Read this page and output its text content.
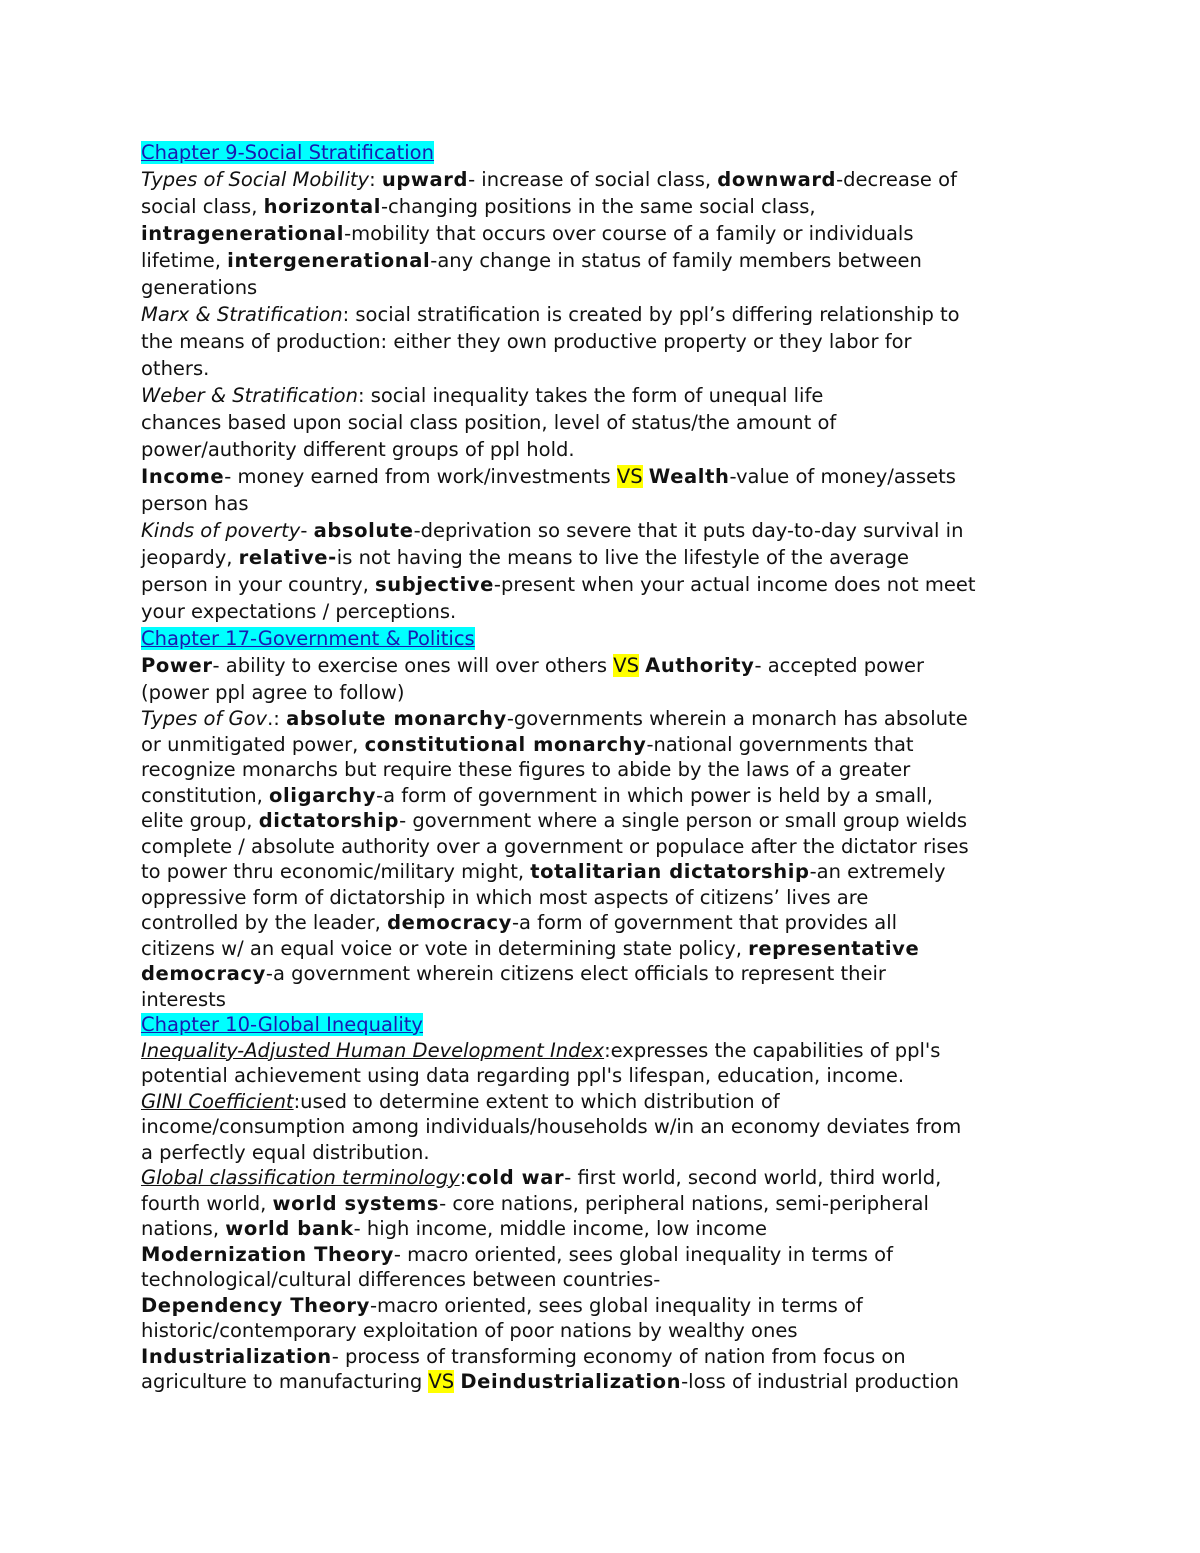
Chapter 9-Social Stratification
Types of Social Mobility: upward- increase of social class, downward-decrease of
social class, horizontal-changing positions in the same social class,
intragenerational-mobility that occurs over course of a family or individuals
lifetime, intergenerational-any change in status of family members between
generations
Marx & Stratification: social stratification is created by ppl’s differing relationship to
the means of production: either they own productive property or they labor for
others.
Weber & Stratification: social inequality takes the form of unequal life
chances based upon social class position, level of status/the amount of
power/authority different groups of ppl hold.
Income- money earned from work/investments VS Wealth-value of money/assets
person has
Kinds of poverty- absolute-deprivation so severe that it puts day-to-day survival in
jeopardy, relative-is not having the means to live the lifestyle of the average
person in your country, subjective-present when your actual income does not meet
your expectations / perceptions.
Chapter 17-Government & Politics
Power- ability to exercise ones will over others VS Authority- accepted power
(power ppl agree to follow)
Types of Gov.: absolute monarchy-governments wherein a monarch has absolute
or unmitigated power, constitutional monarchy-national governments that
recognize monarchs but require these figures to abide by the laws of a greater
constitution, oligarchy-a form of government in which power is held by a small,
elite group, dictatorship- government where a single person or small group wields
complete / absolute authority over a government or populace after the dictator rises
to power thru economic/military might, totalitarian dictatorship-an extremely
oppressive form of dictatorship in which most aspects of citizens’ lives are
controlled by the leader, democracy-a form of government that provides all
citizens w/ an equal voice or vote in determining state policy, representative
democracy-a government wherein citizens elect officials to represent their
interests
Chapter 10-Global Inequality
Inequality-Adjusted Human Development Index:expresses the capabilities of ppl's
potential achievement using data regarding ppl's lifespan, education, income.
GINI Coefficient:used to determine extent to which distribution of
income/consumption among individuals/households w/in an economy deviates from
a perfectly equal distribution.
Global classification terminology:cold war- first world, second world, third world,
fourth world, world systems- core nations, peripheral nations, semi-peripheral
nations, world bank- high income, middle income, low income
Modernization Theory- macro oriented, sees global inequality in terms of
technological/cultural differences between countries-
Dependency Theory-macro oriented, sees global inequality in terms of
historic/contemporary exploitation of poor nations by wealthy ones
Industrialization- process of transforming economy of nation from focus on
agriculture to manufacturing VS Deindustrialization-loss of industrial production
